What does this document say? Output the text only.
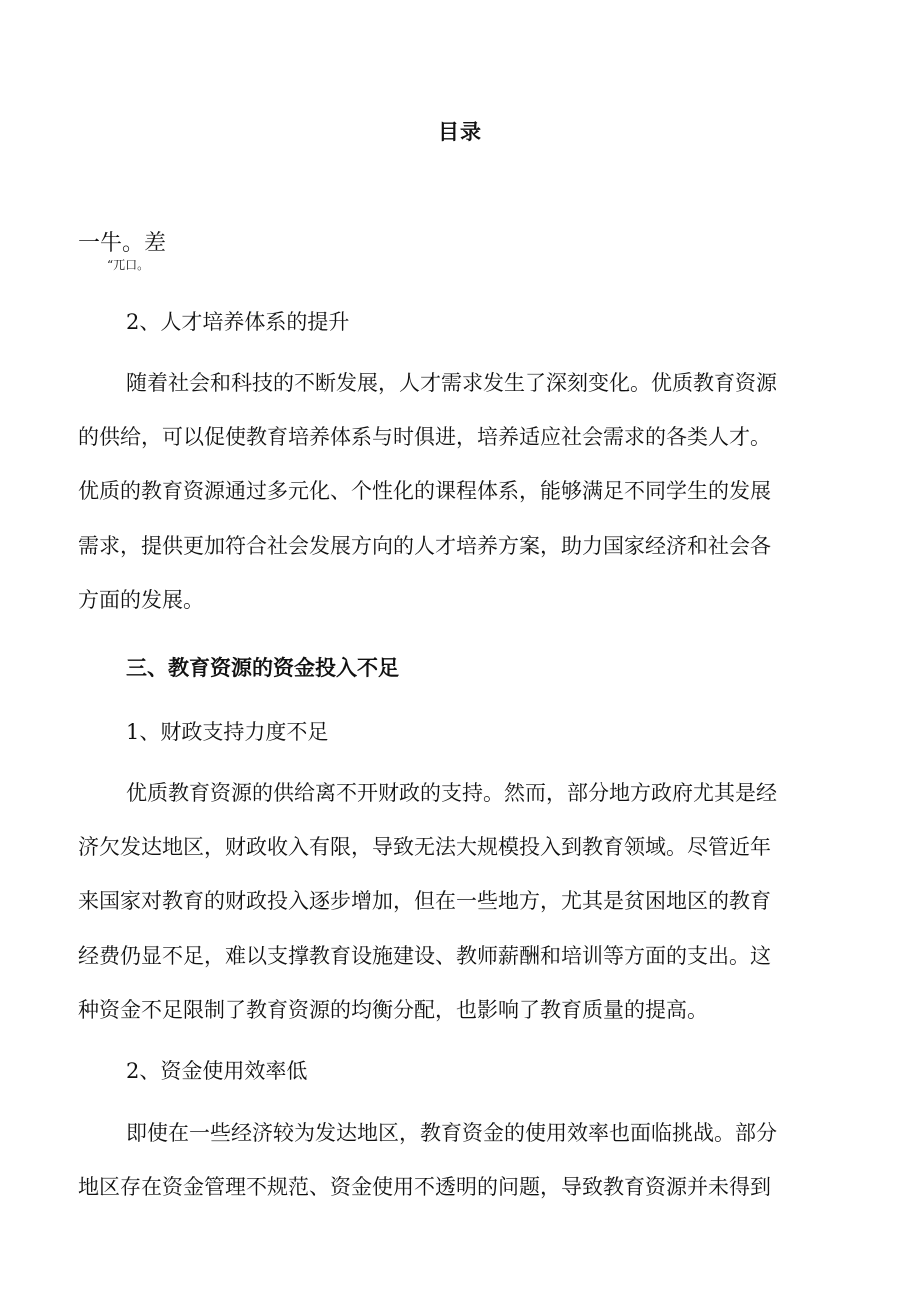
目录

一牛。差

“兀口。

2、人才培养体系的提升

随着社会和科技的不断发展，人才需求发生了深刻变化。优质教育资源
的供给，可以促使教育培养体系与时俱进，培养适应社会需求的各类人才。
优质的教育资源通过多元化、个性化的课程体系，能够满足不同学生的发展
需求，提供更加符合社会发展方向的人才培养方案，助力国家经济和社会各
方面的发展。

三、教育资源的资金投入不足

1、财政支持力度不足

优质教育资源的供给离不开财政的支持。然而，部分地方政府尤其是经
济欠发达地区，财政收入有限，导致无法大规模投入到教育领域。尽管近年
来国家对教育的财政投入逐步增加，但在一些地方，尤其是贫困地区的教育
经费仍显不足，难以支撑教育设施建设、教师薪酬和培训等方面的支出。这
种资金不足限制了教育资源的均衡分配，也影响了教育质量的提高。

2、资金使用效率低

即使在一些经济较为发达地区，教育资金的使用效率也面临挑战。部分
地区存在资金管理不规范、资金使用不透明的问题，导致教育资源并未得到
